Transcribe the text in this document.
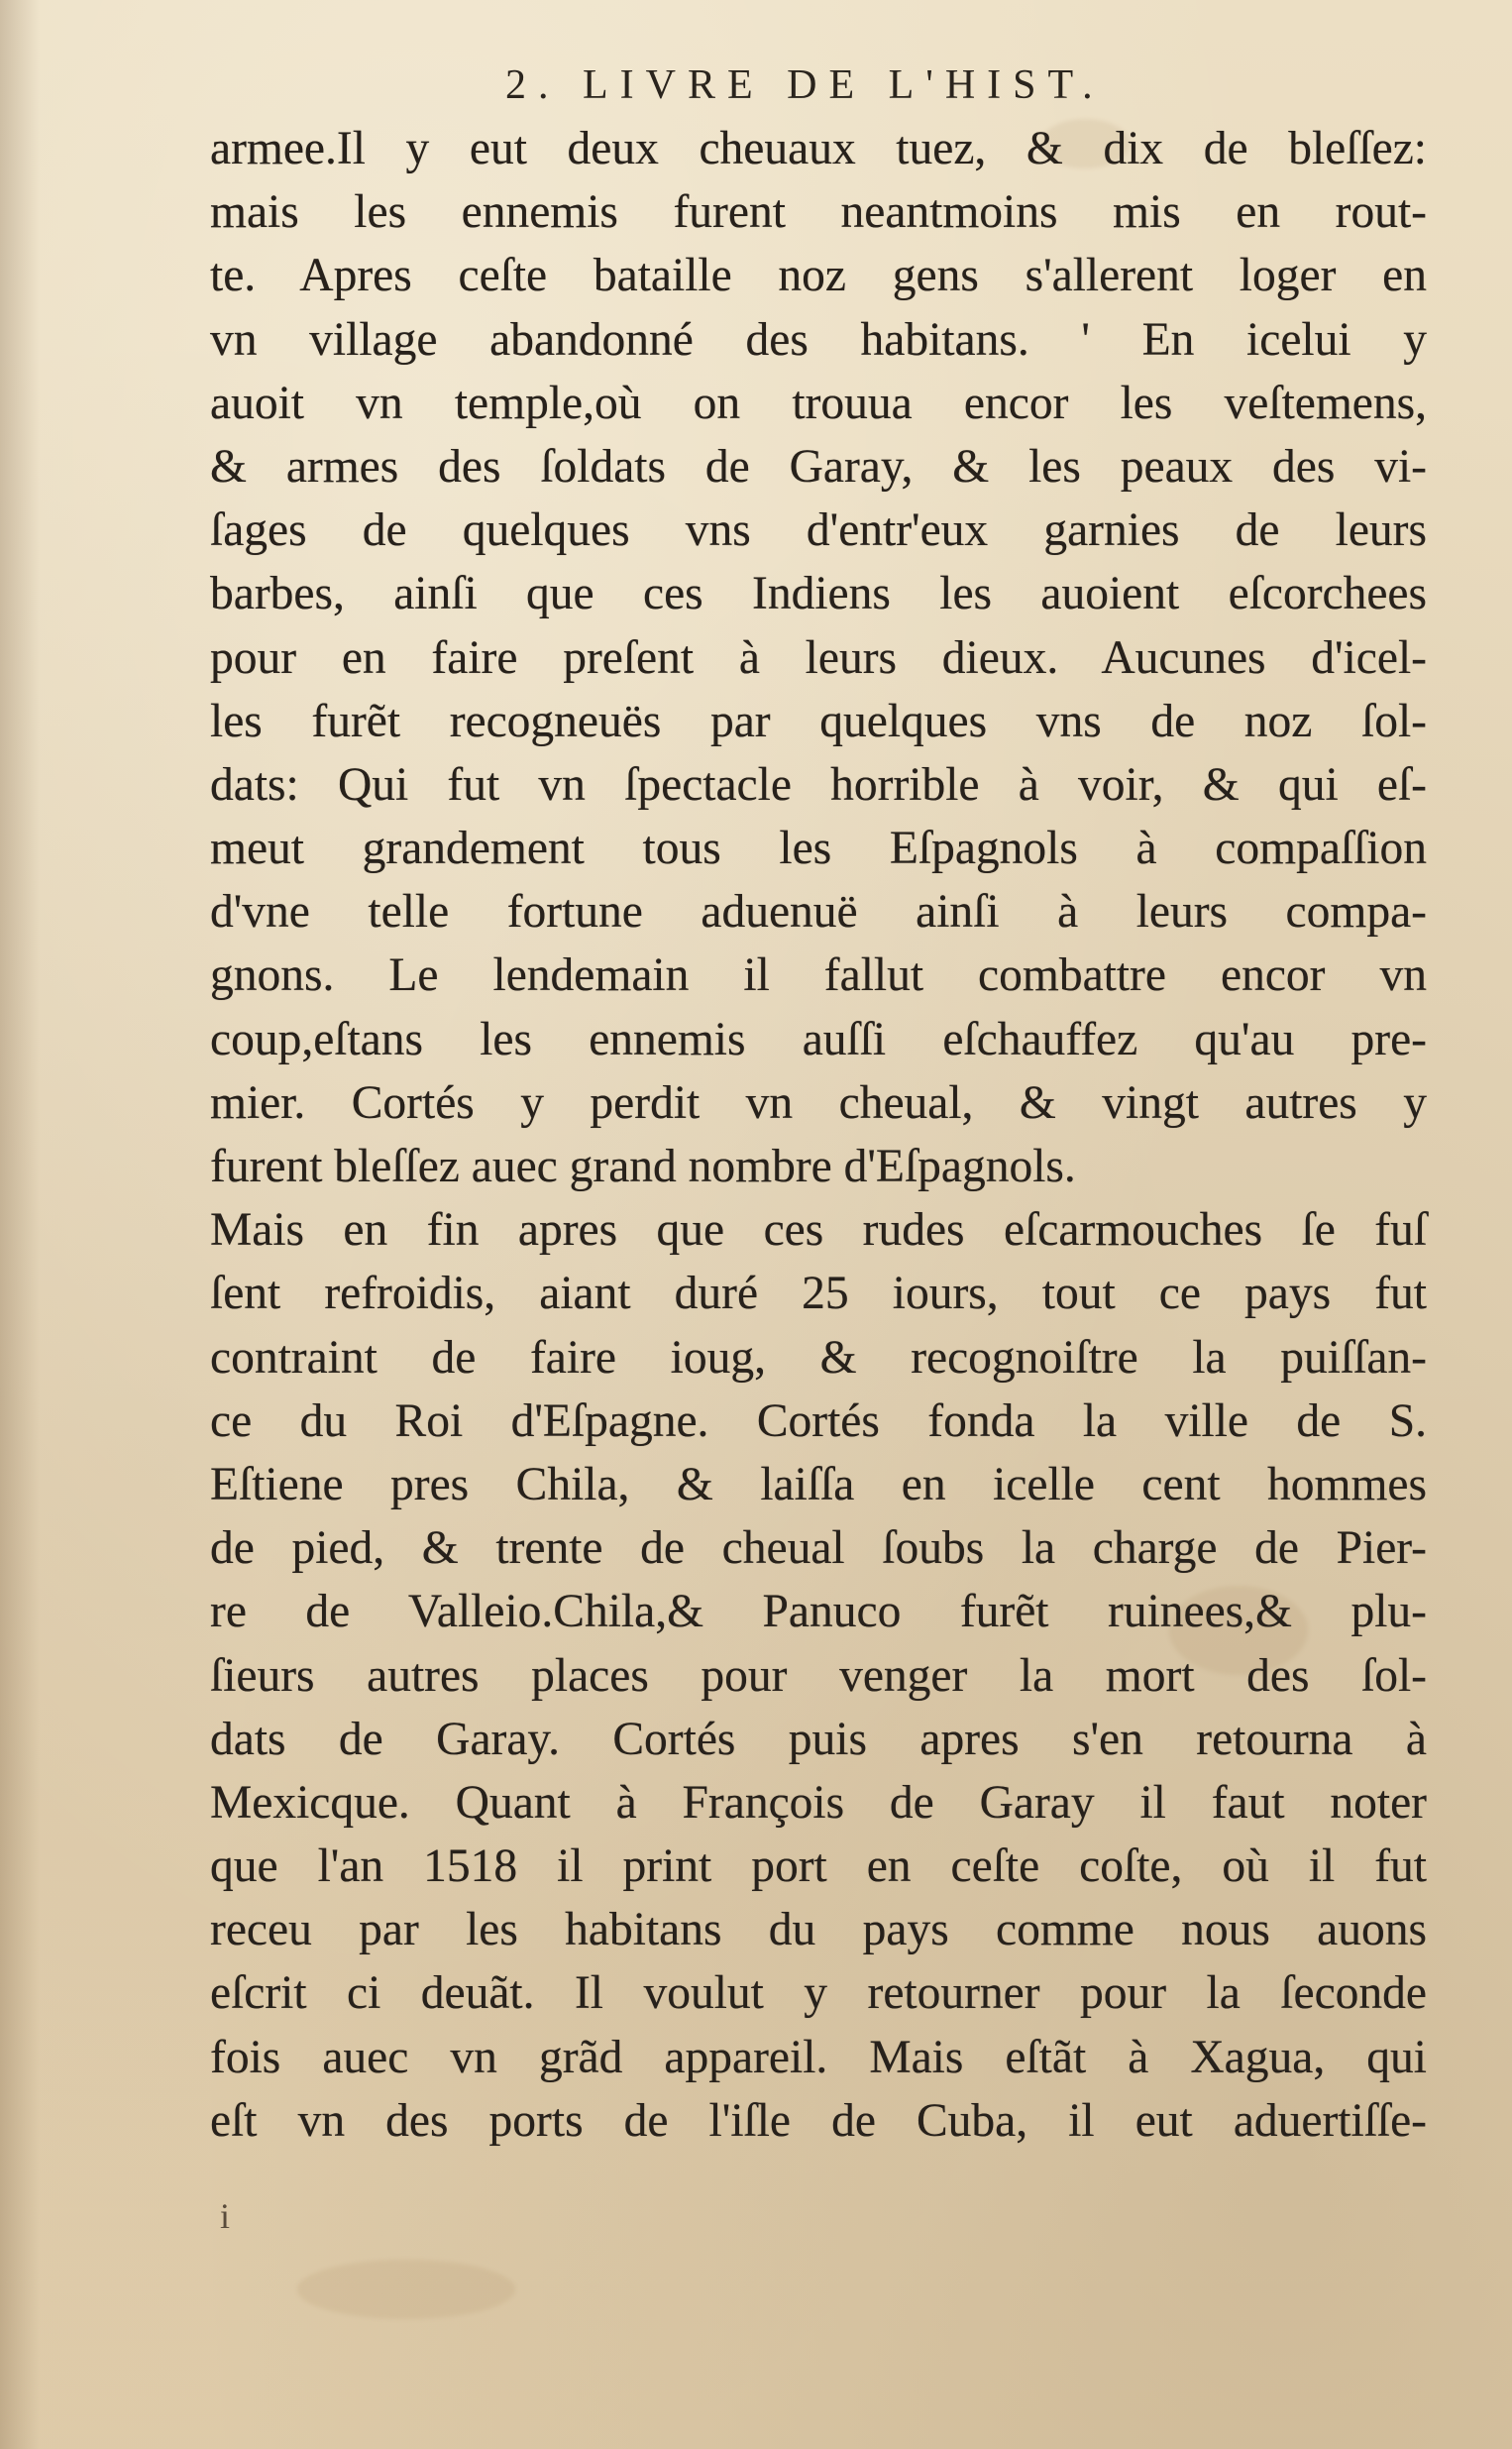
2. LIVRE DE L'HIST.
armee.Il y eut deux cheuaux tuez, & dix de bleſſez:
mais les ennemis furent neantmoins mis en rout-
te. Apres ceſte bataille noz gens s'allerent loger en
vn village abandonné des habitans. ' En icelui y
auoit vn temple,où on trouua encor les veſtemens,
& armes des ſoldats de Garay, & les peaux des vi-
ſages de quelques vns d'entr'eux garnies de leurs
barbes, ainſi que ces Indiens les auoient eſcorchees
pour en faire preſent à leurs dieux. Aucunes d'icel-
les furẽt recogneuës par quelques vns de noz ſol-
dats: Qui fut vn ſpectacle horrible à voir, & qui eſ-
meut grandement tous les Eſpagnols à compaſſion
d'vne telle fortune aduenuë ainſi à leurs compa-
gnons. Le lendemain il fallut combattre encor vn
coup,eſtans les ennemis auſſi eſchauffez qu'au pre-
mier. Cortés y perdit vn cheual, & vingt autres y
furent bleſſez auec grand nombre d'Eſpagnols.
Mais en fin apres que ces rudes eſcarmouches ſe fuſ
ſent refroidis, aiant duré 25 iours, tout ce pays fut
contraint de faire ioug, & recognoiſtre la puiſſan-
ce du Roi d'Eſpagne. Cortés fonda la ville de S.
Eſtiene pres Chila, & laiſſa en icelle cent hommes
de pied, & trente de cheual ſoubs la charge de Pier-
re de Valleio.Chila,& Panuco furẽt ruinees,& plu-
ſieurs autres places pour venger la mort des ſol-
dats de Garay. Cortés puis apres s'en retourna à
Mexicque. Quant à François de Garay il faut noter
que l'an 1518 il print port en ceſte coſte, où il fut
receu par les habitans du pays comme nous auons
eſcrit ci deuãt. Il voulut y retourner pour la ſeconde
fois auec vn grãd appareil. Mais eſtãt à Xagua, qui
eſt vn des ports de l'iſle de Cuba, il eut aduertiſſe-
i
